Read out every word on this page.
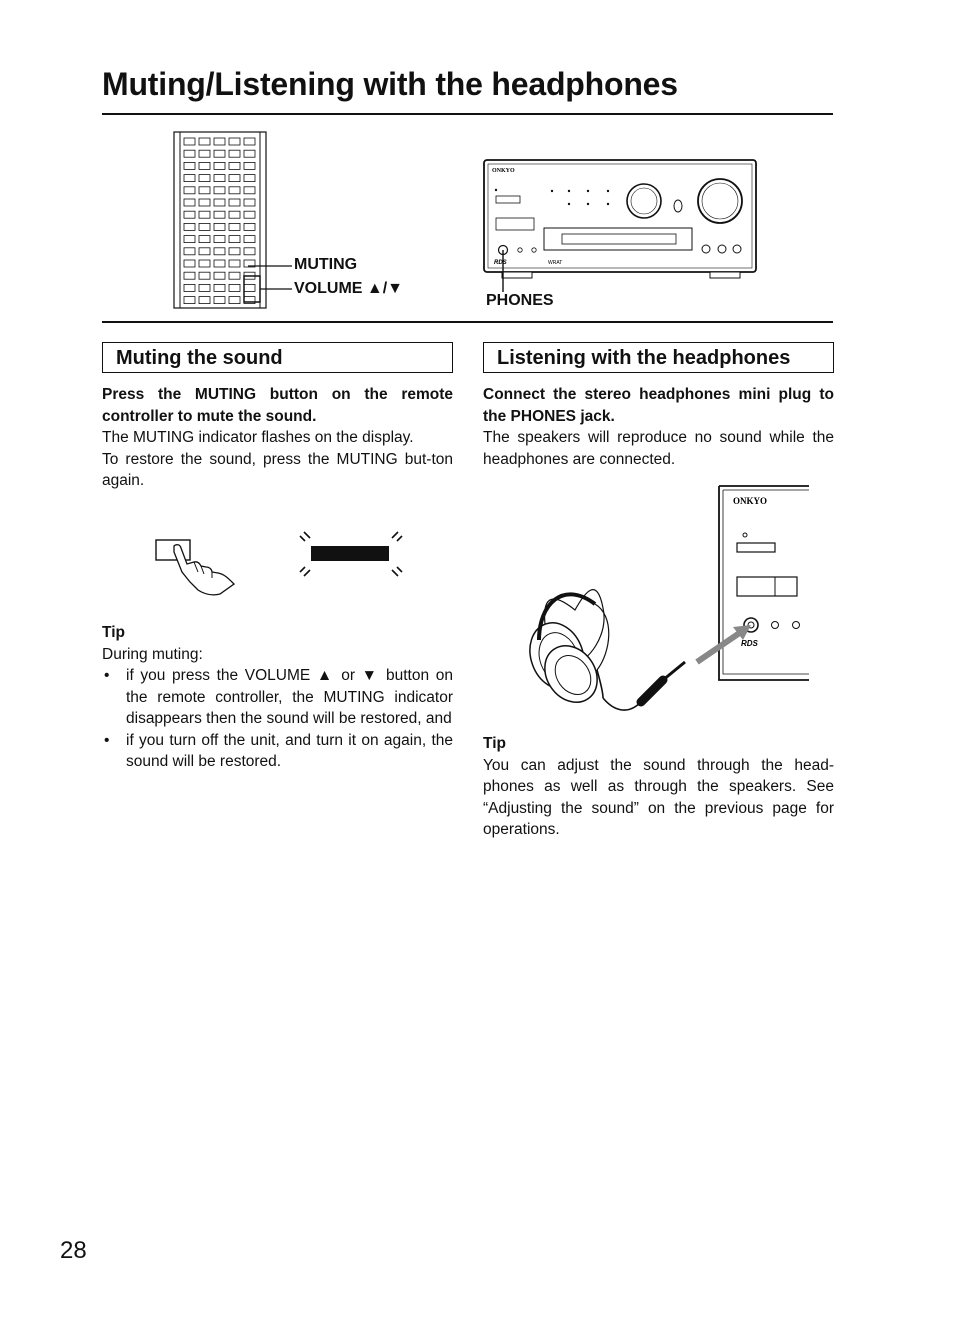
Muting/Listening with the headphones
MUTING
VOLUME ▲/▼
ONKYO
RDS	WRAT
PHONES
Muting the sound	Listening with the headphones

Press the MUTING button on the remote controller to mute the sound.

The MUTING indicator flashes on the display.

To restore the sound, press the MUTING but-ton again.

Tip

During muting:

• if you press the VOLUME ▲ or ▼ button on the remote controller, the MUTING indicator disappears then the sound will be restored, and
• if you turn off the unit, and turn it on again, the sound will be restored.

Connect the stereo headphones mini plug to the PHONES jack.

The speakers will reproduce no sound while the headphones are connected.

ONKYO
RDS

Tip

You can adjust the sound through the head-phones as well as through the speakers. See “Adjusting the sound” on the previous page for operations.

28
